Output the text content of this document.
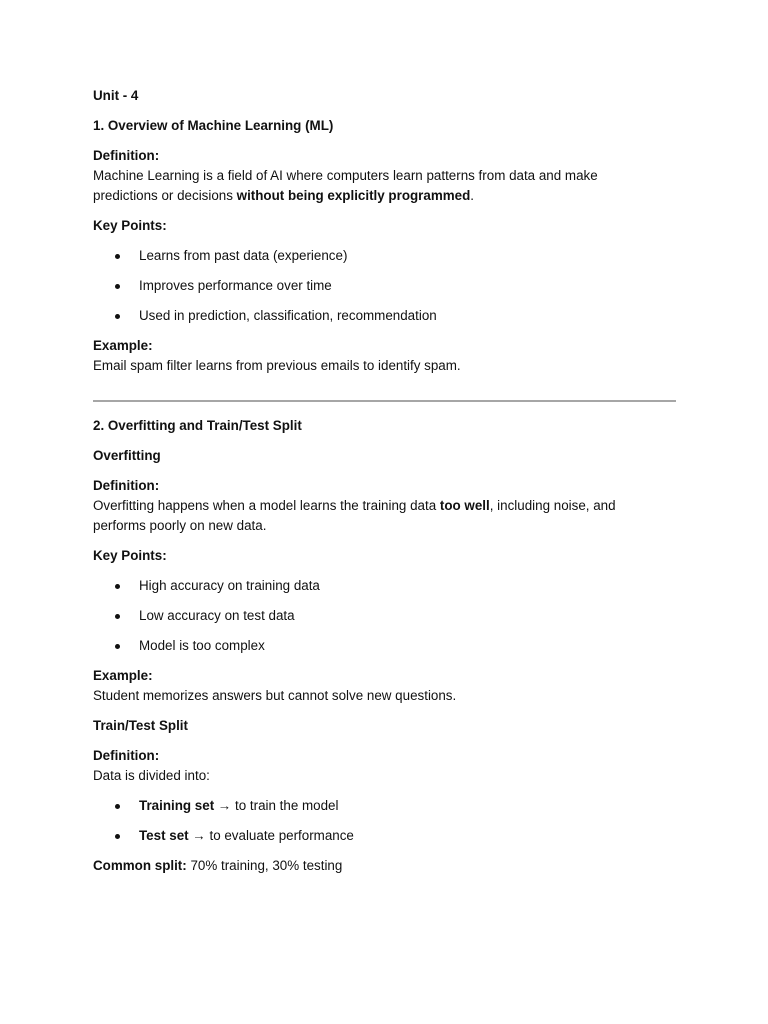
Unit - 4
1. Overview of Machine Learning (ML)
Definition:
Machine Learning is a field of AI where computers learn patterns from data and make
predictions or decisions without being explicitly programmed.
Key Points:
Learns from past data (experience)
Improves performance over time
Used in prediction, classification, recommendation
Example:
Email spam filter learns from previous emails to identify spam.
2. Overfitting and Train/Test Split
Overfitting
Definition:
Overfitting happens when a model learns the training data too well, including noise, and
performs poorly on new data.
Key Points:
High accuracy on training data
Low accuracy on test data
Model is too complex
Example:
Student memorizes answers but cannot solve new questions.
Train/Test Split
Definition:
Data is divided into:
Training set → to train the model
Test set → to evaluate performance
Common split: 70% training, 30% testing
